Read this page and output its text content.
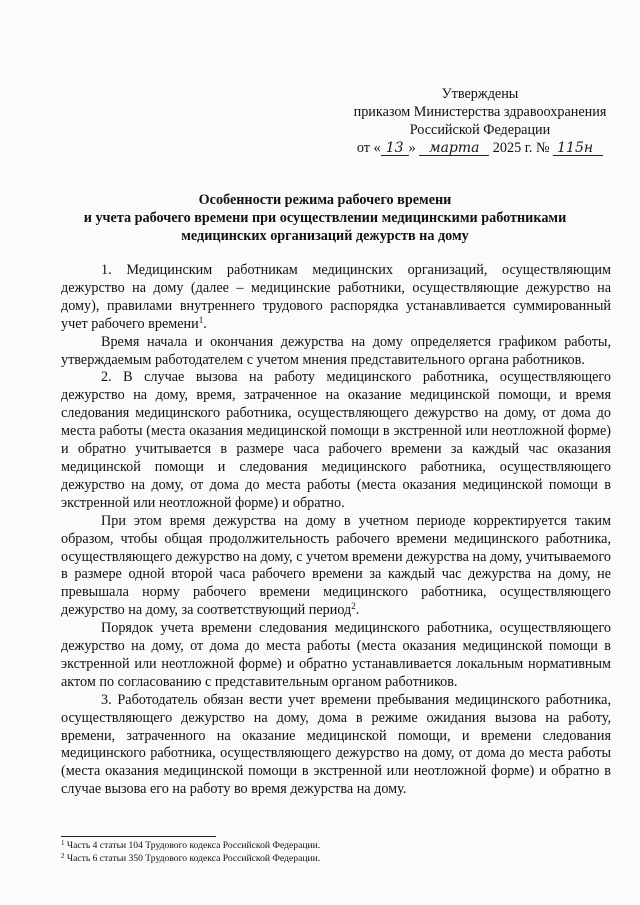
Утверждены
приказом Министерства здравоохранения
Российской Федерации
от « 13 » марта 2025 г. № 115н
Особенности режима рабочего времени
и учета рабочего времени при осуществлении медицинскими работниками
медицинских организаций дежурств на дому

1. Медицинским работникам медицинских организаций, осуществляющим дежурство на дому (далее – медицинские работники, осуществляющие дежурство на дому), правилами внутреннего трудового распорядка устанавливается суммированный учет рабочего времени$^1$.

Время начала и окончания дежурства на дому определяется графиком работы, утверждаемым работодателем с учетом мнения представительного органа работников.

2. В случае вызова на работу медицинского работника, осуществляющего дежурство на дому, время, затраченное на оказание медицинской помощи, и время следования медицинского работника, осуществляющего дежурство на дому, от дома до места работы (места оказания медицинской помощи в экстренной или неотложной форме) и обратно учитывается в размере часа рабочего времени за каждый час оказания медицинской помощи и следования медицинского работника, осуществляющего дежурство на дому, от дома до места работы (места оказания медицинской помощи в экстренной или неотложной форме) и обратно.

При этом время дежурства на дому в учетном периоде корректируется таким образом, чтобы общая продолжительность рабочего времени медицинского работника, осуществляющего дежурство на дому, с учетом времени дежурства на дому, учитываемого в размере одной второй часа рабочего времени за каждый час дежурства на дому, не превышала норму рабочего времени медицинского работника, осуществляющего дежурство на дому, за соответствующий период$^2$.

Порядок учета времени следования медицинского работника, осуществляющего дежурство на дому, от дома до места работы (места оказания медицинской помощи в экстренной или неотложной форме) и обратно устанавливается локальным нормативным актом по согласованию с представительным органом работников.

3. Работодатель обязан вести учет времени пребывания медицинского работника, осуществляющего дежурство на дому, дома в режиме ожидания вызова на работу, времени, затраченного на оказание медицинской помощи, и времени следования медицинского работника, осуществляющего дежурство на дому, от дома до места работы (места оказания медицинской помощи в экстренной или неотложной форме) и обратно в случае вызова его на работу во время дежурства на дому.

$^1$ Часть 4 статьи 104 Трудового кодекса Российской Федерации.
$^2$ Часть 6 статьи 350 Трудового кодекса Российской Федерации.
